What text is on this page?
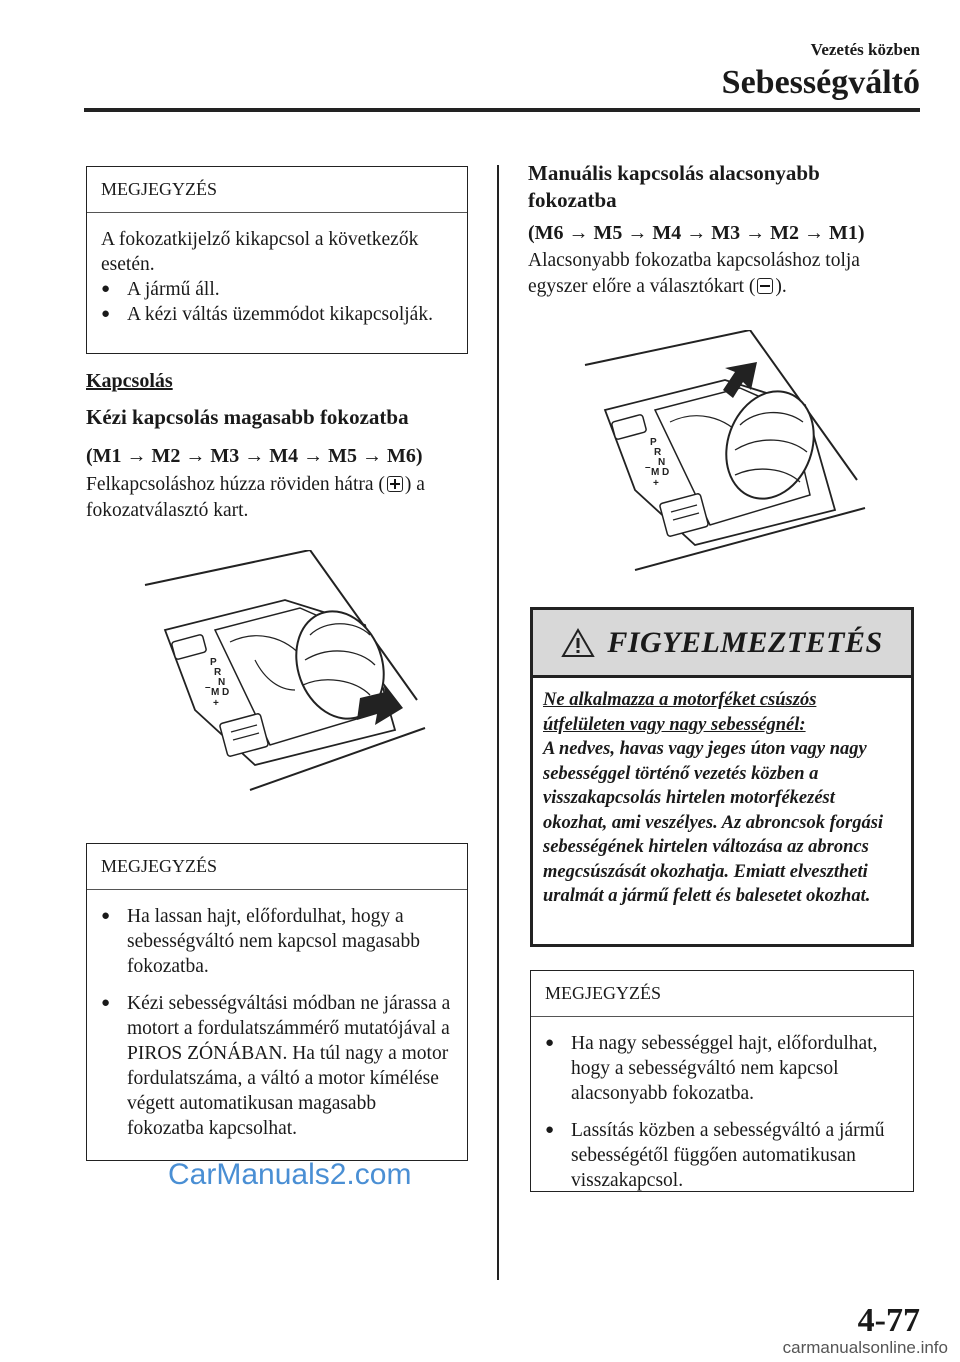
Vezetés közben
Sebességváltó
MEGJEGYZÉS
A fokozatkijelző kikapcsol a következők esetén.
● A jármű áll.
● A kézi váltás üzemmódot kikapcsolják.
Kapcsolás
Kézi kapcsolás magasabb fokozatba
(M1 → M2 → M3 → M4 → M5 → M6)
Felkapcsoláshoz húzza röviden hátra ( ) a fokozatválasztó kart.
P
R
N
D
M
–
+
MEGJEGYZÉS
● Ha lassan hajt, előfordulhat, hogy a sebességváltó nem kapcsol magasabb fokozatba.
● Kézi sebességváltási módban ne járassa a motort a fordulatszámmérő mutatójával a PIROS ZÓNÁBAN. Ha túl nagy a motor fordulatszáma, a váltó a motor kímélése végett automatikusan magasabb fokozatba kapcsolhat.
Manuális kapcsolás alacsonyabb fokozatba
(M6 → M5 → M4 → M3 → M2 → M1)
Alacsonyabb fokozatba kapcsoláshoz tolja egyszer előre a választókart ( ).
P
R
N
D
M
–
+
FIGYELMEZTETÉS
Ne alkalmazza a motorféket csúszós útfelületen vagy nagy sebességnél:
A nedves, havas vagy jeges úton vagy nagy sebességgel történő vezetés közben a visszakapcsolás hirtelen motorfékezést okozhat, ami veszélyes. Az abroncsok forgási sebességének hirtelen változása az abroncs megcsúszását okozhatja. Emiatt elvesztheti uralmát a jármű felett és balesetet okozhat.
MEGJEGYZÉS
● Ha nagy sebességgel hajt, előfordulhat, hogy a sebességváltó nem kapcsol alacsonyabb fokozatba.
● Lassítás közben a sebességváltó a jármű sebességétől függően automatikusan visszakapcsol.
CarManuals2.com
4-77
carmanualsonline.info
